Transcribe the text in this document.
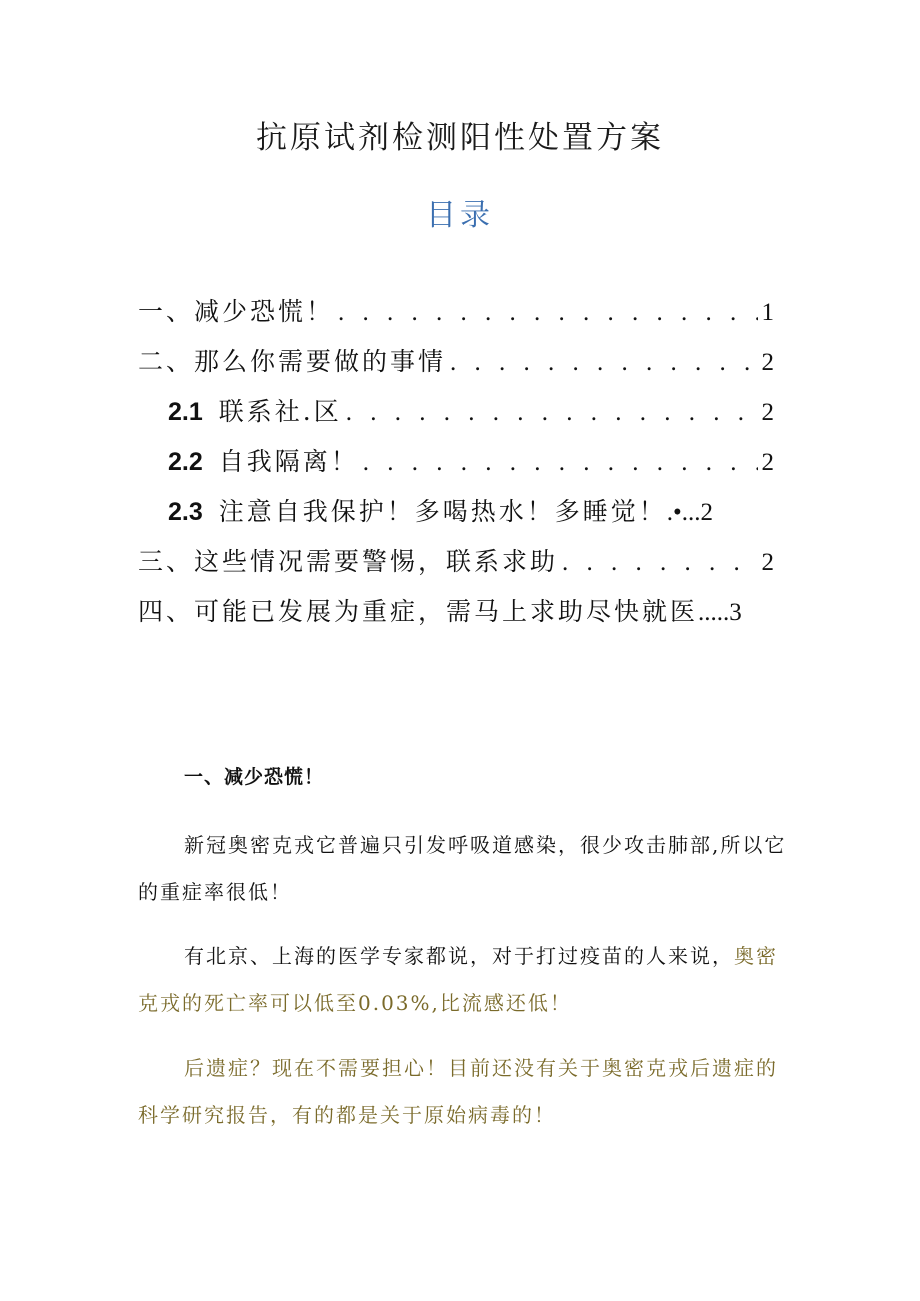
抗原试剂检测阳性处置方案
目录
一、减少恐慌！ . . .	1
二、那么你需要做的事情 . . .	2
2.1 联系社.区 . . .	2
2.2 自我隔离！ . . .	2
2.3 注意自我保护！多喝热水！多睡觉！ .•...2
三、这些情况需要警惕，联系求助 . . .	2
四、可能已发展为重症，需马上求助尽快就医 .....3
一、减少恐慌！
新冠奥密克戎它普遍只引发呼吸道感染，很少攻击肺部,所以它的重症率很低！
有北京、上海的医学专家都说，对于打过疫苗的人来说，奥密克戎的死亡率可以低至0.03%,比流感还低！
后遗症？现在不需要担心！目前还没有关于奥密克戎后遗症的科学研究报告，有的都是关于原始病毒的！
